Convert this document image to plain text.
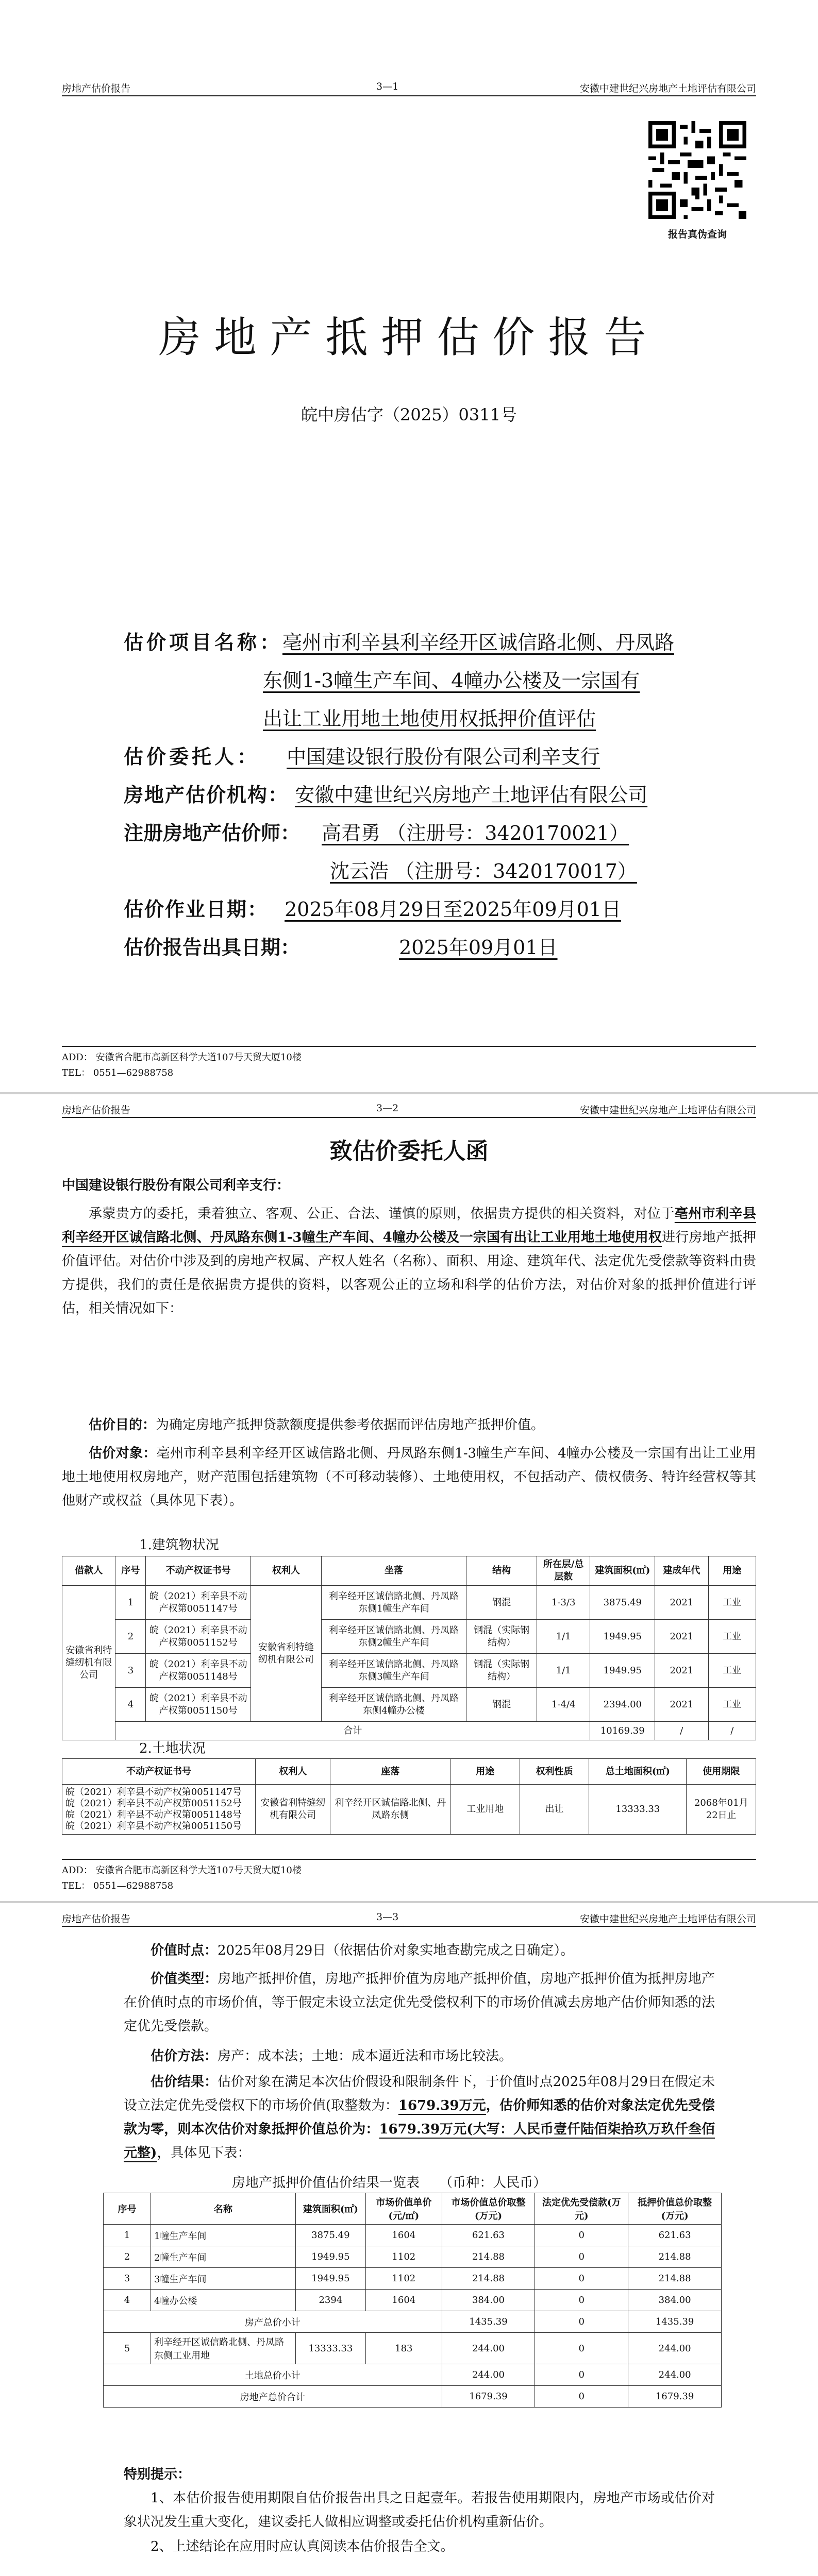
房地产估价报告	3—1	安徽中建世纪兴房地产土地评估有限公司
报告真伪查询
房地产抵押估价报告
皖中房估字（2025）0311号
估价项目名称：亳州市利辛县利辛经开区诚信路北侧、丹凤路
东侧1-3幢生产车间、4幢办公楼及一宗国有
出让工业用地土地使用权抵押价值评估
估价委托人： 中国建设银行股份有限公司利辛支行
房地产估价机构： 安徽中建世纪兴房地产土地评估有限公司
注册房地产估价师： 高君勇 （注册号：3420170021）
沈云浩 （注册号：3420170017）
估价作业日期： 2025年08月29日至2025年09月01日
估价报告出具日期：	2025年09月01日
ADD： 安徽省合肥市高新区科学大道107号天贸大厦10楼
TEL： 0551—62988758
房地产估价报告	3—2	安徽中建世纪兴房地产土地评估有限公司
致估价委托人函
中国建设银行股份有限公司利辛支行：
承蒙贵方的委托，秉着独立、客观、公正、合法、谨慎的原则，依据贵方提供的相关资料，对位于亳州市利辛县利辛经开区诚信路北侧、丹凤路东侧1-3幢生产车间、4幢办公楼及一宗国有出让工业用地土地使用权进行房地产抵押价值评估。对估价中涉及到的房地产权属、产权人姓名（名称）、面积、用途、建筑年代、法定优先受偿款等资料由贵方提供，我们的责任是依据贵方提供的资料，以客观公正的立场和科学的估价方法，对估价对象的抵押价值进行评估，相关情况如下：
估价目的：为确定房地产抵押贷款额度提供参考依据而评估房地产抵押价值。
估价对象：亳州市利辛县利辛经开区诚信路北侧、丹凤路东侧1-3幢生产车间、4幢办公楼及一宗国有出让工业用地土地使用权房地产，财产范围包括建筑物（不可移动装修）、土地使用权，不包括动产、债权债务、特许经营权等其他财产或权益（具体见下表）。
1.建筑物状况
借款人	序号	不动产权证书号	权利人	坐落	结构	所在层/总层数	建筑面积(㎡)	建成年代	用途
安徽省利特缝纫机有限公司	1	皖（2021）利辛县不动产权第0051147号	安徽省利特缝纫机有限公司	利辛经开区诚信路北侧、丹凤路东侧1幢生产车间	钢混	1-3/3	3875.49	2021	工业
	2	皖（2021）利辛县不动产权第0051152号		利辛经开区诚信路北侧、丹凤路东侧2幢生产车间	钢混（实际钢结构）	1/1	1949.95	2021	工业
	3	皖（2021）利辛县不动产权第0051148号		利辛经开区诚信路北侧、丹凤路东侧3幢生产车间	钢混（实际钢结构）	1/1	1949.95	2021	工业
	4	皖（2021）利辛县不动产权第0051150号		利辛经开区诚信路北侧、丹凤路东侧4幢办公楼	钢混	1-4/4	2394.00	2021	工业
	合计						10169.39	/	/
2.土地状况
不动产权证书号	权利人	座落	用途	权利性质	总土地面积(㎡)	使用期限

皖（2021）利辛县不动产权第0051147号
皖（2021）利辛县不动产权第0051152号
皖（2021）利辛县不动产权第0051148号
皖（2021）利辛县不动产权第0051150号	安徽省利特缝纫机有限公司	利辛经开区诚信路北侧、丹凤路东侧	工业用地	出让	13333.33	2068年01月22日止
ADD： 安徽省合肥市高新区科学大道107号天贸大厦10楼
TEL： 0551—62988758
房地产估价报告	3—3	安徽中建世纪兴房地产土地评估有限公司
价值时点：2025年08月29日（依据估价对象实地查勘完成之日确定）。
价值类型：房地产抵押价值，房地产抵押价值为房地产抵押价值，房地产抵押价值为抵押房地产在价值时点的市场价值，等于假定未设立法定优先受偿权利下的市场价值减去房地产估价师知悉的法定优先受偿款。
估价方法：房产：成本法；土地：成本逼近法和市场比较法。
估价结果：估价对象在满足本次估价假设和限制条件下，于价值时点2025年08月29日在假定未设立法定优先受偿权下的市场价值(取整数为：1679.39万元，估价师知悉的估价对象法定优先受偿款为零，则本次估价对象抵押价值总价为：1679.39万元(大写：人民币壹仟陆佰柒拾玖万玖仟叁佰元整)，具体见下表：
房地产抵押价值估价结果一览表 （币种：人民币）
序号	名称	建筑面积(㎡)	市场价值单价(元/㎡)	市场价值总价取整(万元)	法定优先受偿款(万元)	抵押价值总价取整(万元)
1	1幢生产车间	3875.49	1604	621.63	0	621.63
2	2幢生产车间	1949.95	1102	214.88	0	214.88
3	3幢生产车间	1949.95	1102	214.88	0	214.88
4	4幢办公楼	2394	1604	384.00	0	384.00
房产总价小计				1435.39	0	1435.39
5	利辛经开区诚信路北侧、丹凤路东侧工业用地	13333.33	183	244.00	0	244.00
土地总价小计				244.00	0	244.00
房地产总价合计				1679.39	0	1679.39
特别提示：
1、本估价报告使用期限自估价报告出具之日起壹年。若报告使用期限内，房地产市场或估价对象状况发生重大变化，建议委托人做相应调整或委托估价机构重新估价。
2、上述结论在应用时应认真阅读本估价报告全文。
